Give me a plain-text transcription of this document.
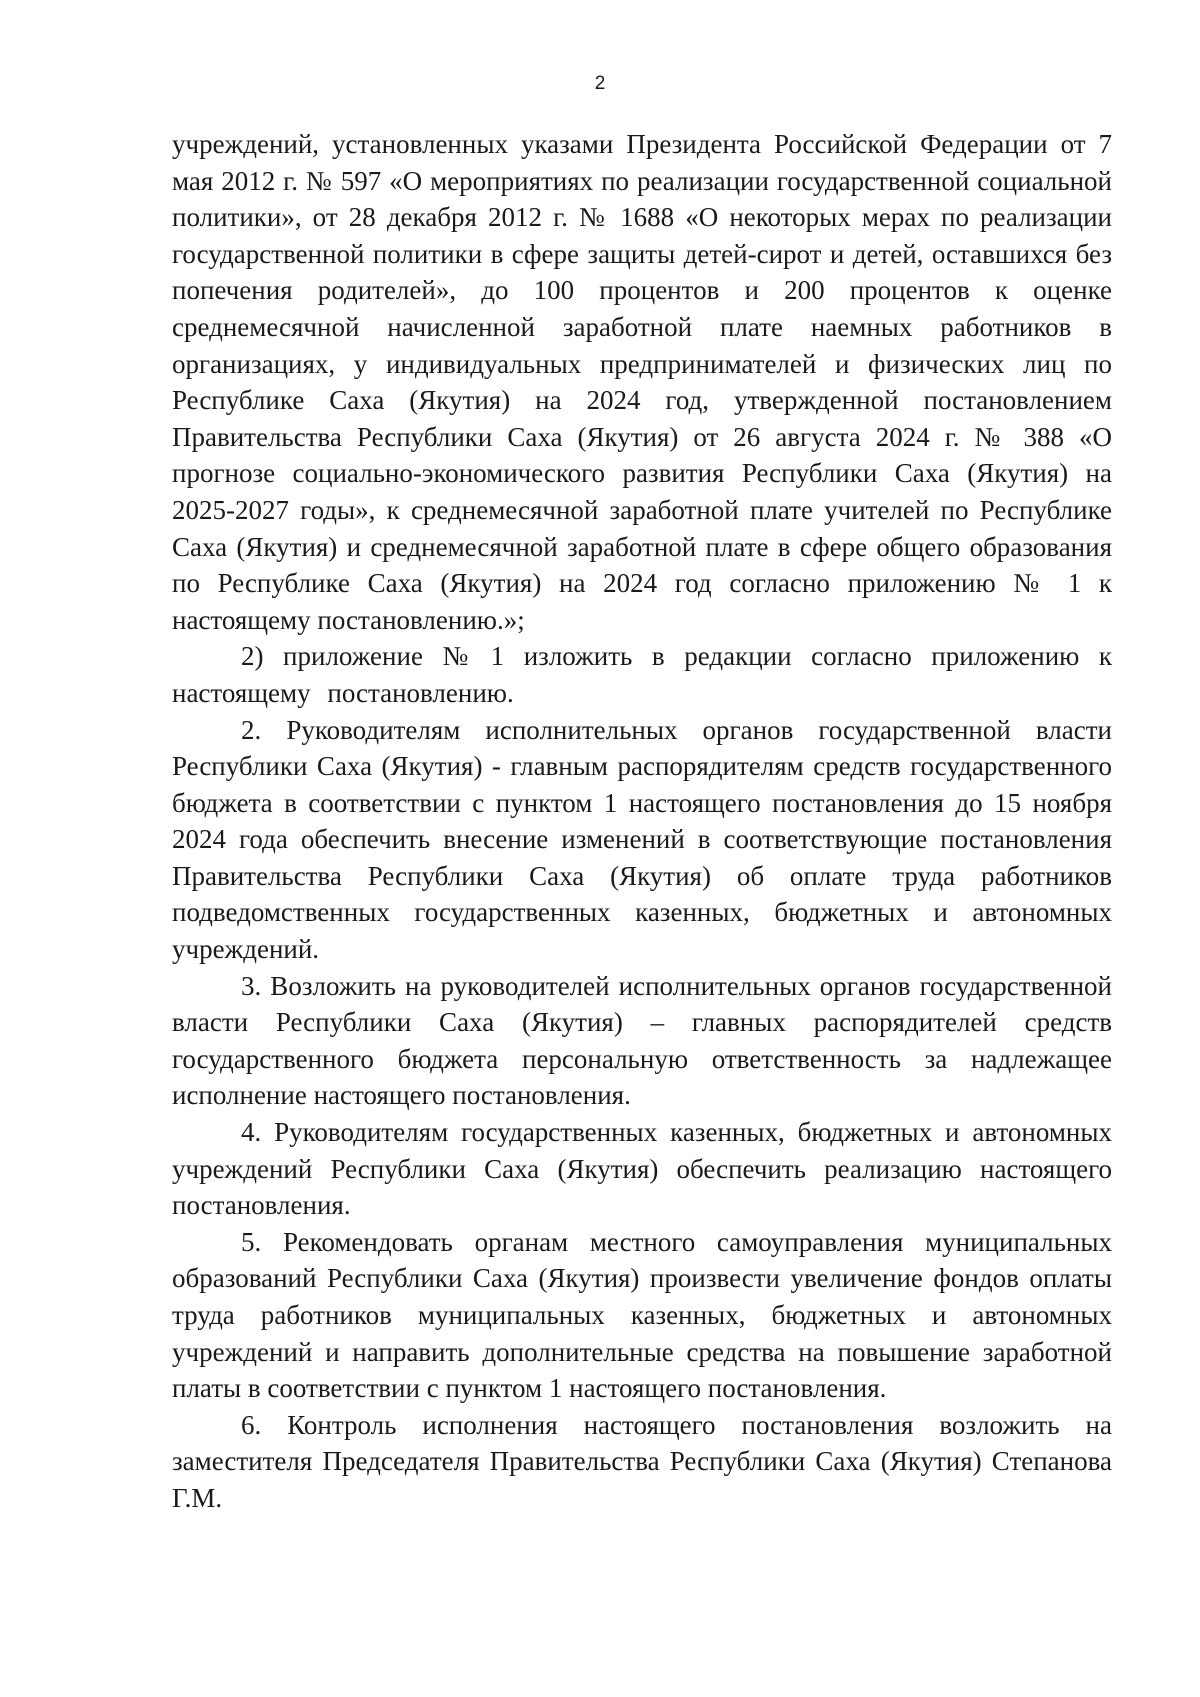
2

учреждений, установленных указами Президента Российской Федерации от 7 мая 2012 г. № 597 «О мероприятиях по реализации государственной социальной политики», от 28 декабря 2012 г. № 1688 «О некоторых мерах по реализации государственной политики в сфере защиты детей-сирот и детей, оставшихся без попечения родителей», до 100 процентов и 200 процентов к оценке среднемесячной начисленной заработной плате наемных работников в организациях, у индивидуальных предпринимателей и физических лиц по Республике Саха (Якутия) на 2024 год, утвержденной постановлением Правительства Республики Саха (Якутия) от 26 августа 2024 г. № 388 «О прогнозе социально-экономического развития Республики Саха (Якутия) на 2025-2027 годы», к среднемесячной заработной плате учителей по Республике Саха (Якутия) и среднемесячной заработной плате в сфере общего образования по Республике Саха (Якутия) на 2024 год согласно приложению № 1 к настоящему постановлению.»;

2) приложение № 1 изложить в редакции согласно приложению к настоящему постановлению.

2. Руководителям исполнительных органов государственной власти Республики Саха (Якутия) - главным распорядителям средств государственного бюджета в соответствии с пунктом 1 настоящего постановления до 15 ноября 2024 года обеспечить внесение изменений в соответствующие постановления Правительства Республики Саха (Якутия) об оплате труда работников подведомственных государственных казенных, бюджетных и автономных учреждений.

3. Возложить на руководителей исполнительных органов государственной власти Республики Саха (Якутия) – главных распорядителей средств государственного бюджета персональную ответственность за надлежащее исполнение настоящего постановления.

4. Руководителям государственных казенных, бюджетных и автономных учреждений Республики Саха (Якутия) обеспечить реализацию настоящего постановления.

5. Рекомендовать органам местного самоуправления муниципальных образований Республики Саха (Якутия) произвести увеличение фондов оплаты труда работников муниципальных казенных, бюджетных и автономных учреждений и направить дополнительные средства на повышение заработной платы в соответствии с пунктом 1 настоящего постановления.

6. Контроль исполнения настоящего постановления возложить на заместителя Председателя Правительства Республики Саха (Якутия) Степанова Г.М.
